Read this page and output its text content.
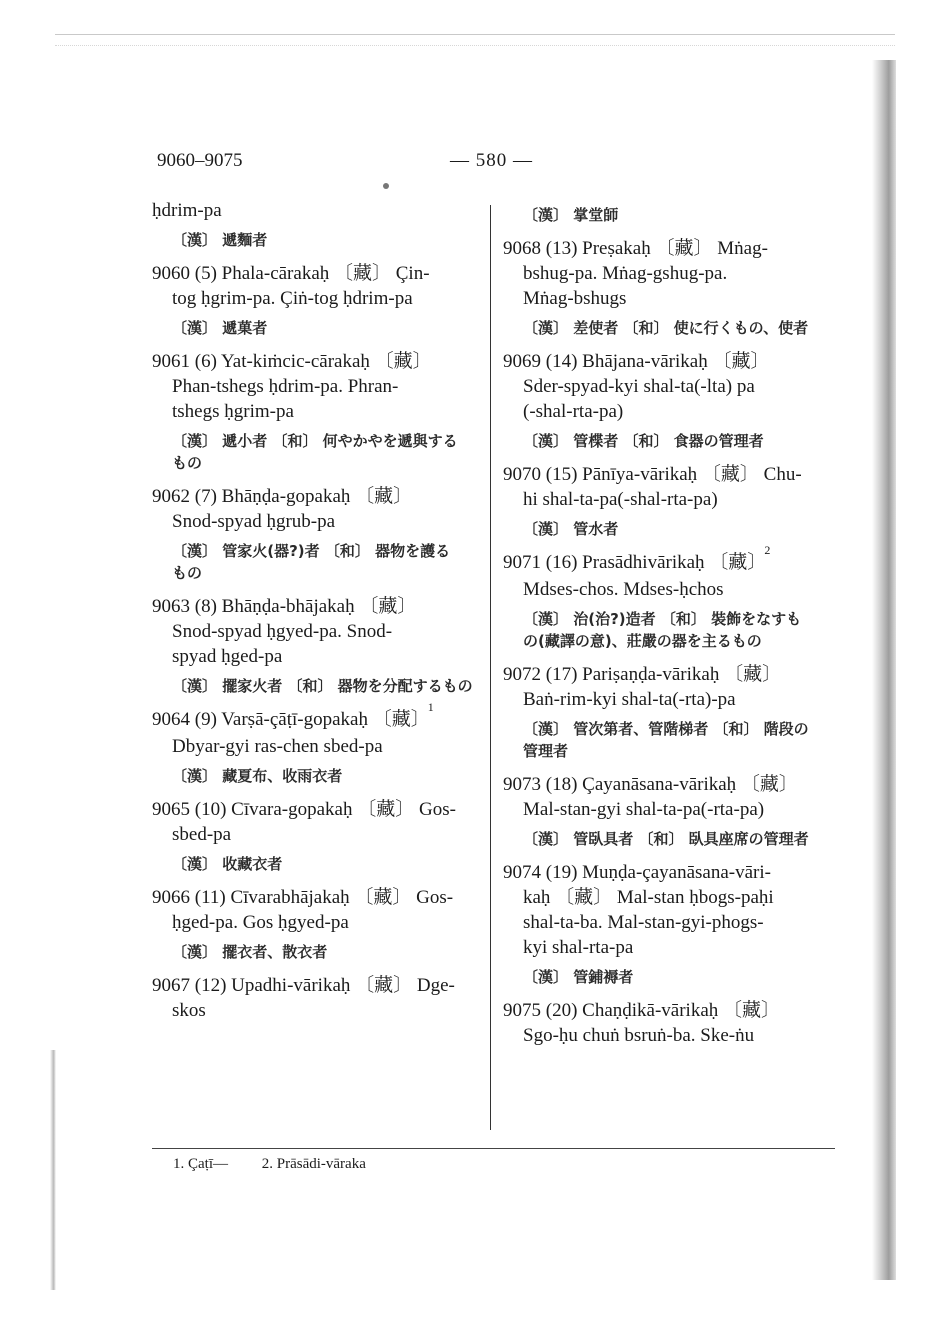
9060–9075	— 580 —
ḥdrim-pa
〔漢〕 遞麵者
9060 (5) Phala-cārakaḥ 〔藏〕 Çin-
tog ḥgrim-pa. Çiṅ-tog ḥdrim-pa
〔漢〕 遞菓者
9061 (6) Yat-kiṁcic-cārakaḥ 〔藏〕
Phan-tshegs ḥdrim-pa. Phran-
tshegs ḥgrim-pa
〔漢〕 遞小者 〔和〕 何やかやを遞與する
もの
9062 (7) Bhāṇḍa-gopakaḥ 〔藏〕
Snod-spyad ḥgrub-pa
〔漢〕 管家火(器?)者 〔和〕 器物を護る
もの
9063 (8) Bhāṇḍa-bhājakaḥ 〔藏〕
Snod-spyad ḥgyed-pa. Snod-
spyad ḥged-pa
〔漢〕 擺家火者 〔和〕 器物を分配するもの
9064 (9) Varṣā-çāṭī-gopakaḥ 〔藏〕$^1$
Dbyar-gyi ras-chen sbed-pa
〔漢〕 藏夏布、收雨衣者
9065 (10) Cīvara-gopakaḥ 〔藏〕 Gos-
sbed-pa
〔漢〕 收藏衣者
9066 (11) Cīvarabhājakaḥ 〔藏〕 Gos-
ḥged-pa. Gos ḥgyed-pa
〔漢〕 擺衣者、散衣者
9067 (12) Upadhi-vārikaḥ 〔藏〕 Dge-
skos
〔漢〕 掌堂師
9068 (13) Preṣakaḥ 〔藏〕 Mṅag-
bshug-pa. Mṅag-gshug-pa.
Mṅag-bshugs
〔漢〕 差使者 〔和〕 使に行くもの、使者
9069 (14) Bhājana-vārikaḥ 〔藏〕
Sder-spyad-kyi shal-ta(-lta) pa
(-shal-rta-pa)
〔漢〕 管楪者 〔和〕 食器の管理者
9070 (15) Pānīya-vārikaḥ 〔藏〕 Chu-
hi shal-ta-pa(-shal-rta-pa)
〔漢〕 管水者
9071 (16) Prasādhivārikaḥ 〔藏〕$^2$
Mdses-chos. Mdses-ḥchos
〔漢〕 治(治?)造者 〔和〕 裝飾をなすも
の(藏譯の意)、莊嚴の器を主るもの
9072 (17) Pariṣaṇḍa-vārikaḥ 〔藏〕
Baṅ-rim-kyi shal-ta(-rta)-pa
〔漢〕 管次第者、管階梯者 〔和〕 階段の
管理者
9073 (18) Çayanāsana-vārikaḥ 〔藏〕
Mal-stan-gyi shal-ta-pa(-rta-pa)
〔漢〕 管臥具者 〔和〕 臥具座席の管理者
9074 (19) Muṇḍa-çayanāsana-vāri-
kaḥ 〔藏〕 Mal-stan ḥbogs-paḥi
shal-ta-ba. Mal-stan-gyi-phogs-
kyi shal-rta-pa
〔漢〕 管鋪褥者
9075 (20) Chaṇḍikā-vārikaḥ 〔藏〕
Sgo-ḥu chuṅ bsruṅ-ba. Ske-ṅu
1. Çaṭī— 2. Prāsādi-vāraka
